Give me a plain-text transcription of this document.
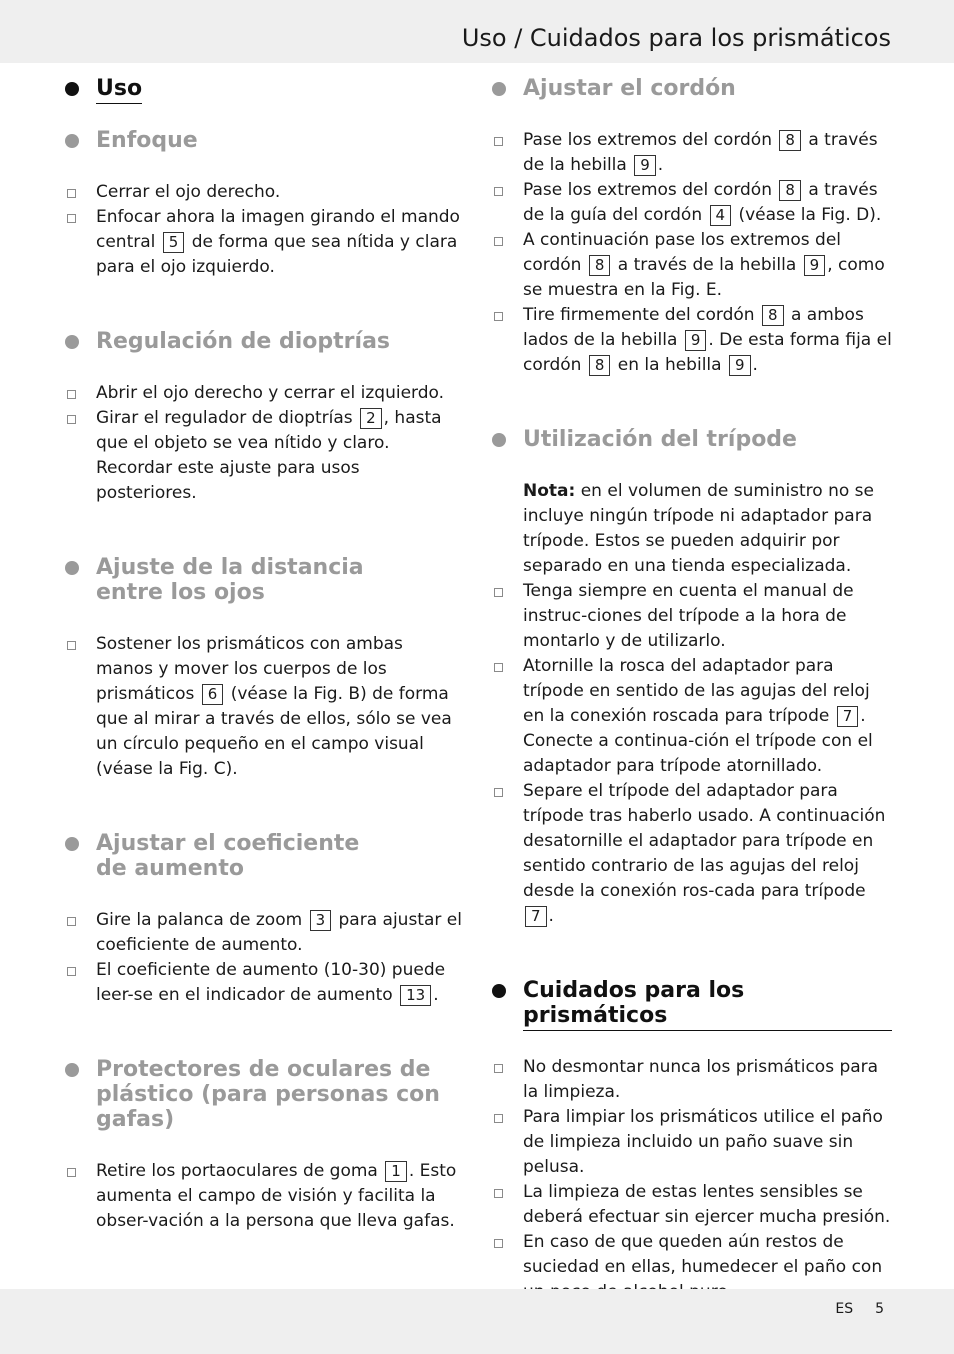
Uso / Cuidados para los prismáticos
Uso
Enfoque
Cerrar el ojo derecho.
Enfocar ahora la imagen girando el mando central 5 de forma que sea nítida y clara para el ojo izquierdo.
Regulación de dioptrías
Abrir el ojo derecho y cerrar el izquierdo.
Girar el regulador de dioptrías 2 , hasta que el objeto se vea nítido y claro. Recordar este ajuste para usos posteriores.
Ajuste de la distancia
entre los ojos
Sostener los prismáticos con ambas manos y mover los cuerpos de los prismáticos 6 (véase la Fig. B) de forma que al mirar a través de ellos, sólo se vea un círculo pequeño en el campo visual (véase la Fig. C).
Ajustar el coeficiente
de aumento
Gire la palanca de zoom 3 para ajustar el coeficiente de aumento.
El coeficiente de aumento (10-30) puede leer-se en el indicador de aumento 13 .
Protectores de oculares de
plástico (para personas con
gafas)
Retire los portaoculares de goma 1 . Esto aumenta el campo de visión y facilita la obser-vación a la persona que lleva gafas.
Ajustar el cordón
Pase los extremos del cordón 8 a través de la hebilla 9 .
Pase los extremos del cordón 8 a través de la guía del cordón 4 (véase la Fig. D).
A continuación pase los extremos del cordón 8 a través de la hebilla 9 , como se muestra en la Fig. E.
Tire firmemente del cordón 8 a ambos lados de la hebilla 9 . De esta forma fija el cordón 8 en la hebilla 9 .
Utilización del trípode
Nota: en el volumen de suministro no se incluye ningún trípode ni adaptador para trípode. Estos se pueden adquirir por separado en una tienda especializada.
Tenga siempre en cuenta el manual de instruc-ciones del trípode a la hora de montarlo y de utilizarlo.
Atornille la rosca del adaptador para trípode en sentido de las agujas del reloj en la conexión roscada para trípode 7 . Conecte a continua-ción el trípode con el adaptador para trípode atornillado.
Separe el trípode del adaptador para trípode tras haberlo usado. A continuación desatornille el adaptador para trípode en sentido contrario de las agujas del reloj desde la conexión ros-cada para trípode 7 .
Cuidados para los prismáticos
No desmontar nunca los prismáticos para la limpieza.
Para limpiar los prismáticos utilice el paño de limpieza incluido un paño suave sin pelusa.
La limpieza de estas lentes sensibles se deberá efectuar sin ejercer mucha presión.
En caso de que queden aún restos de suciedad en ellas, humedecer el paño con
ES 5
